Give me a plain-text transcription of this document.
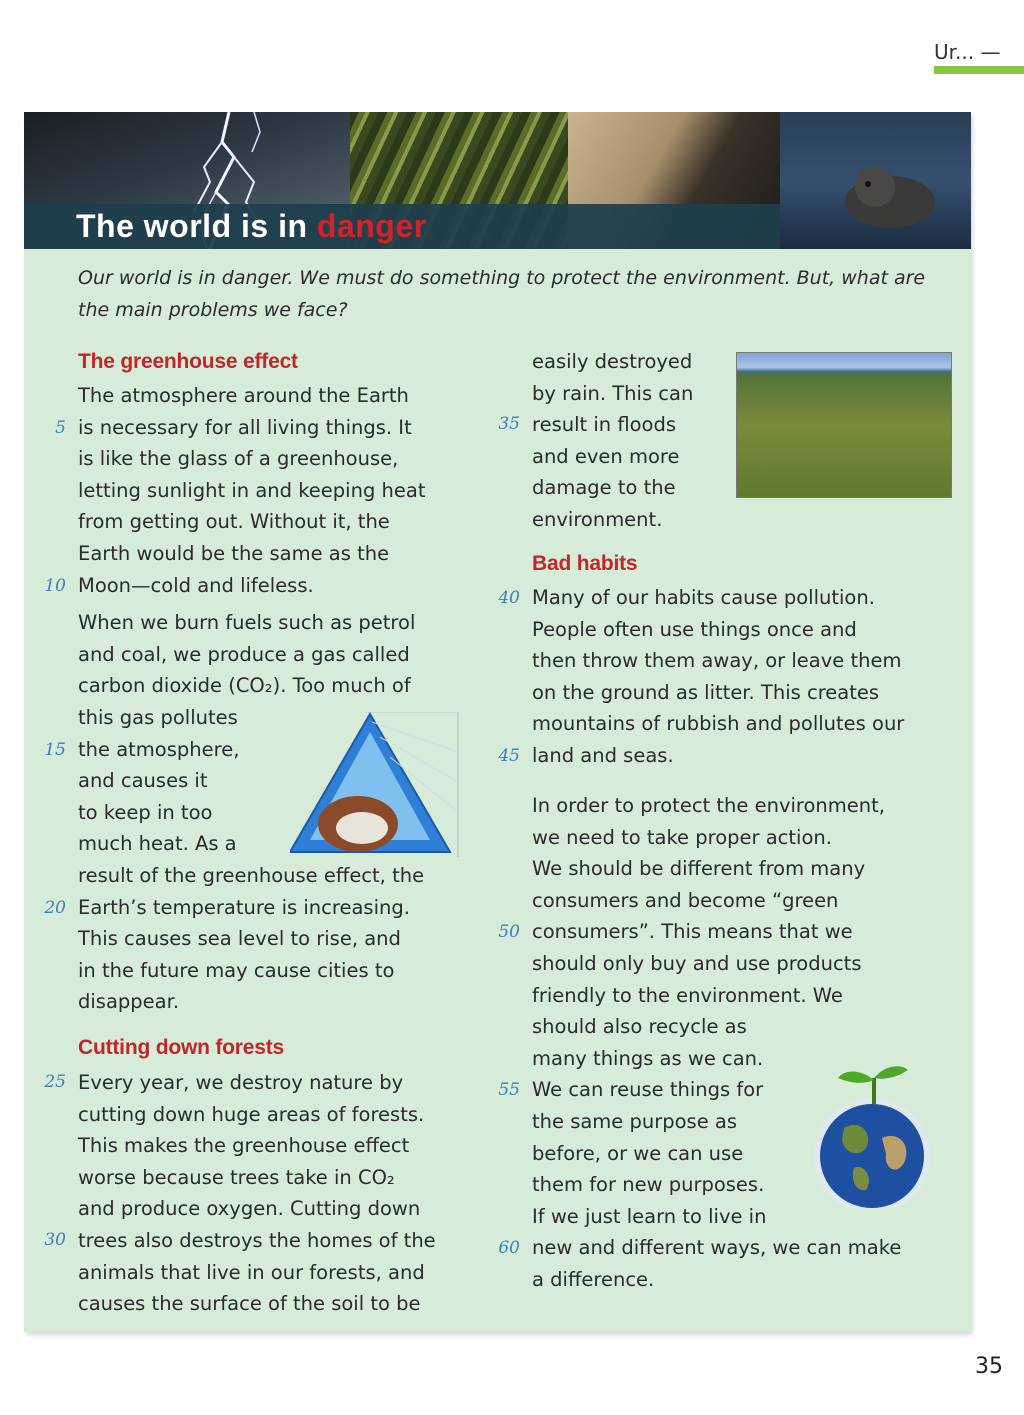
Ur... —
The world is in danger
Our world is in danger. We must do something to protect the environment. But, what are the main problems we face?
The greenhouse effect
The atmosphere around the Earth
is necessary for all living things. It
is like the glass of a greenhouse,
letting sunlight in and keeping heat
from getting out. Without it, the
Earth would be the same as the
Moon—cold and lifeless.
When we burn fuels such as petrol
and coal, we produce a gas called
carbon dioxide (CO₂). Too much of
this gas pollutes
the atmosphere,
and causes it
to keep in too
much heat. As a
result of the greenhouse effect, the
Earth’s temperature is increasing.
This causes sea level to rise, and
in the future may cause cities to
disappear.
Cutting down forests
Every year, we destroy nature by
cutting down huge areas of forests.
This makes the greenhouse effect
worse because trees take in CO₂
and produce oxygen. Cutting down
trees also destroys the homes of the
animals that live in our forests, and
causes the surface of the soil to be
5
10
15
20
25
30
easily destroyed
by rain. This can
result in floods
and even more
damage to the
environment.
Bad habits
Many of our habits cause pollution.
People often use things once and
then throw them away, or leave them
on the ground as litter. This creates
mountains of rubbish and pollutes our
land and seas.
In order to protect the environment,
we need to take proper action.
We should be different from many
consumers and become “green
consumers”. This means that we
should only buy and use products
friendly to the environment. We
should also recycle as
many things as we can.
We can reuse things for
the same purpose as
before, or we can use
them for new purposes.
If we just learn to live in
new and different ways, we can make
a difference.
35
40
45
50
55
60
35
